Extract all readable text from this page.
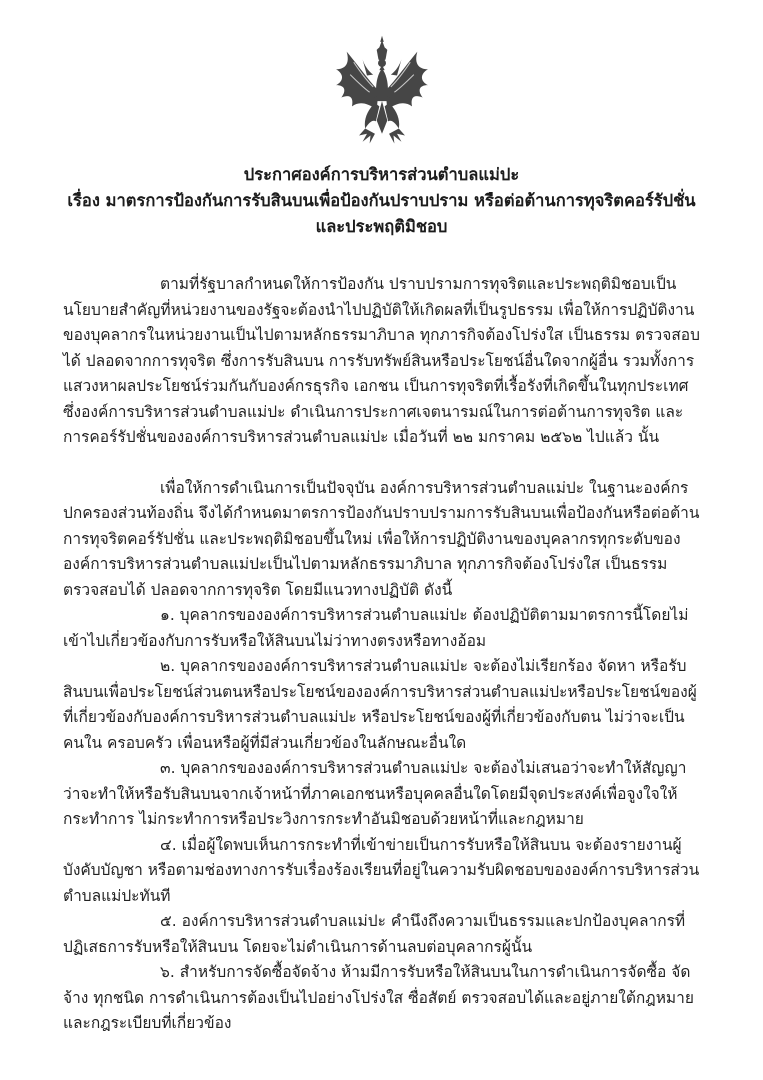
ประกาศองค์การบริหารส่วนตำบลแม่ปะ
เรื่อง มาตรการป้องกันการรับสินบนเพื่อป้องกันปราบปราม หรือต่อต้านการทุจริตคอร์รัปชั่น
และประพฤติมิชอบ

ตามที่รัฐบาลกำหนดให้การป้องกัน ปราบปรามการทุจริตและประพฤติมิชอบเป็นนโยบายสำคัญที่หน่วยงานของรัฐจะต้องนำไปปฏิบัติให้เกิดผลที่เป็นรูปธรรม เพื่อให้การปฏิบัติงานของบุคลากรในหน่วยงานเป็นไปตามหลักธรรมาภิบาล ทุกภารกิจต้องโปร่งใส เป็นธรรม ตรวจสอบได้ ปลอดจากการทุจริต ซึ่งการรับสินบน การรับทรัพย์สินหรือประโยชน์อื่นใดจากผู้อื่น รวมทั้งการแสวงหาผลประโยชน์ร่วมกันกับองค์กรธุรกิจ เอกชน เป็นการทุจริตที่เรื้อรังที่เกิดขึ้นในทุกประเทศ ซึ่งองค์การบริหารส่วนตำบลแม่ปะ ดำเนินการประกาศเจตนารมณ์ในการต่อต้านการทุจริต และการคอร์รัปชั่นขององค์การบริหารส่วนตำบลแม่ปะ เมื่อวันที่ ๒๒ มกราคม ๒๕๖๒ ไปแล้ว นั้น

เพื่อให้การดำเนินการเป็นปัจจุบัน องค์การบริหารส่วนตำบลแม่ปะ ในฐานะองค์กรปกครองส่วนท้องถิ่น จึงได้กำหนดมาตรการป้องกันปราบปรามการรับสินบนเพื่อป้องกันหรือต่อต้านการทุจริตคอร์รัปชั่น และประพฤติมิชอบขึ้นใหม่ เพื่อให้การปฏิบัติงานของบุคลากรทุกระดับขององค์การบริหารส่วนตำบลแม่ปะเป็นไปตามหลักธรรมาภิบาล ทุกภารกิจต้องโปร่งใส เป็นธรรม ตรวจสอบได้ ปลอดจากการทุจริต โดยมีแนวทางปฏิบัติ ดังนี้

๑. บุคลากรขององค์การบริหารส่วนตำบลแม่ปะ ต้องปฏิบัติตามมาตรการนี้โดยไม่เข้าไปเกี่ยวข้องกับการรับหรือให้สินบนไม่ว่าทางตรงหรือทางอ้อม

๒. บุคลากรขององค์การบริหารส่วนตำบลแม่ปะ จะต้องไม่เรียกร้อง จัดหา หรือรับสินบนเพื่อประโยชน์ส่วนตนหรือประโยชน์ขององค์การบริหารส่วนตำบลแม่ปะหรือประโยชน์ของผู้ที่เกี่ยวข้องกับองค์การบริหารส่วนตำบลแม่ปะ หรือประโยชน์ของผู้ที่เกี่ยวข้องกับตน ไม่ว่าจะเป็นคนใน ครอบครัว เพื่อนหรือผู้ที่มีส่วนเกี่ยวข้องในลักษณะอื่นใด

๓. บุคลากรขององค์การบริหารส่วนตำบลแม่ปะ จะต้องไม่เสนอว่าจะทำให้สัญญาว่าจะทำให้หรือรับสินบนจากเจ้าหน้าที่ภาคเอกชนหรือบุคคลอื่นใดโดยมีจุดประสงค์เพื่อจูงใจให้กระทำการ ไม่กระทำการหรือประวิงการกระทำอันมิชอบด้วยหน้าที่และกฎหมาย

๔. เมื่อผู้ใดพบเห็นการกระทำที่เข้าข่ายเป็นการรับหรือให้สินบน จะต้องรายงานผู้บังคับบัญชา หรือตามช่องทางการรับเรื่องร้องเรียนที่อยู่ในความรับผิดชอบขององค์การบริหารส่วนตำบลแม่ปะทันที

๕. องค์การบริหารส่วนตำบลแม่ปะ คำนึงถึงความเป็นธรรมและปกป้องบุคลากรที่ปฏิเสธการรับหรือให้สินบน โดยจะไม่ดำเนินการด้านลบต่อบุคลากรผู้นั้น

๖. สำหรับการจัดซื้อจัดจ้าง ห้ามมีการรับหรือให้สินบนในการดำเนินการจัดซื้อ จัดจ้าง ทุกชนิด การดำเนินการต้องเป็นไปอย่างโปร่งใส ซื่อสัตย์ ตรวจสอบได้และอยู่ภายใต้กฎหมายและกฎระเบียบที่เกี่ยวข้อง
